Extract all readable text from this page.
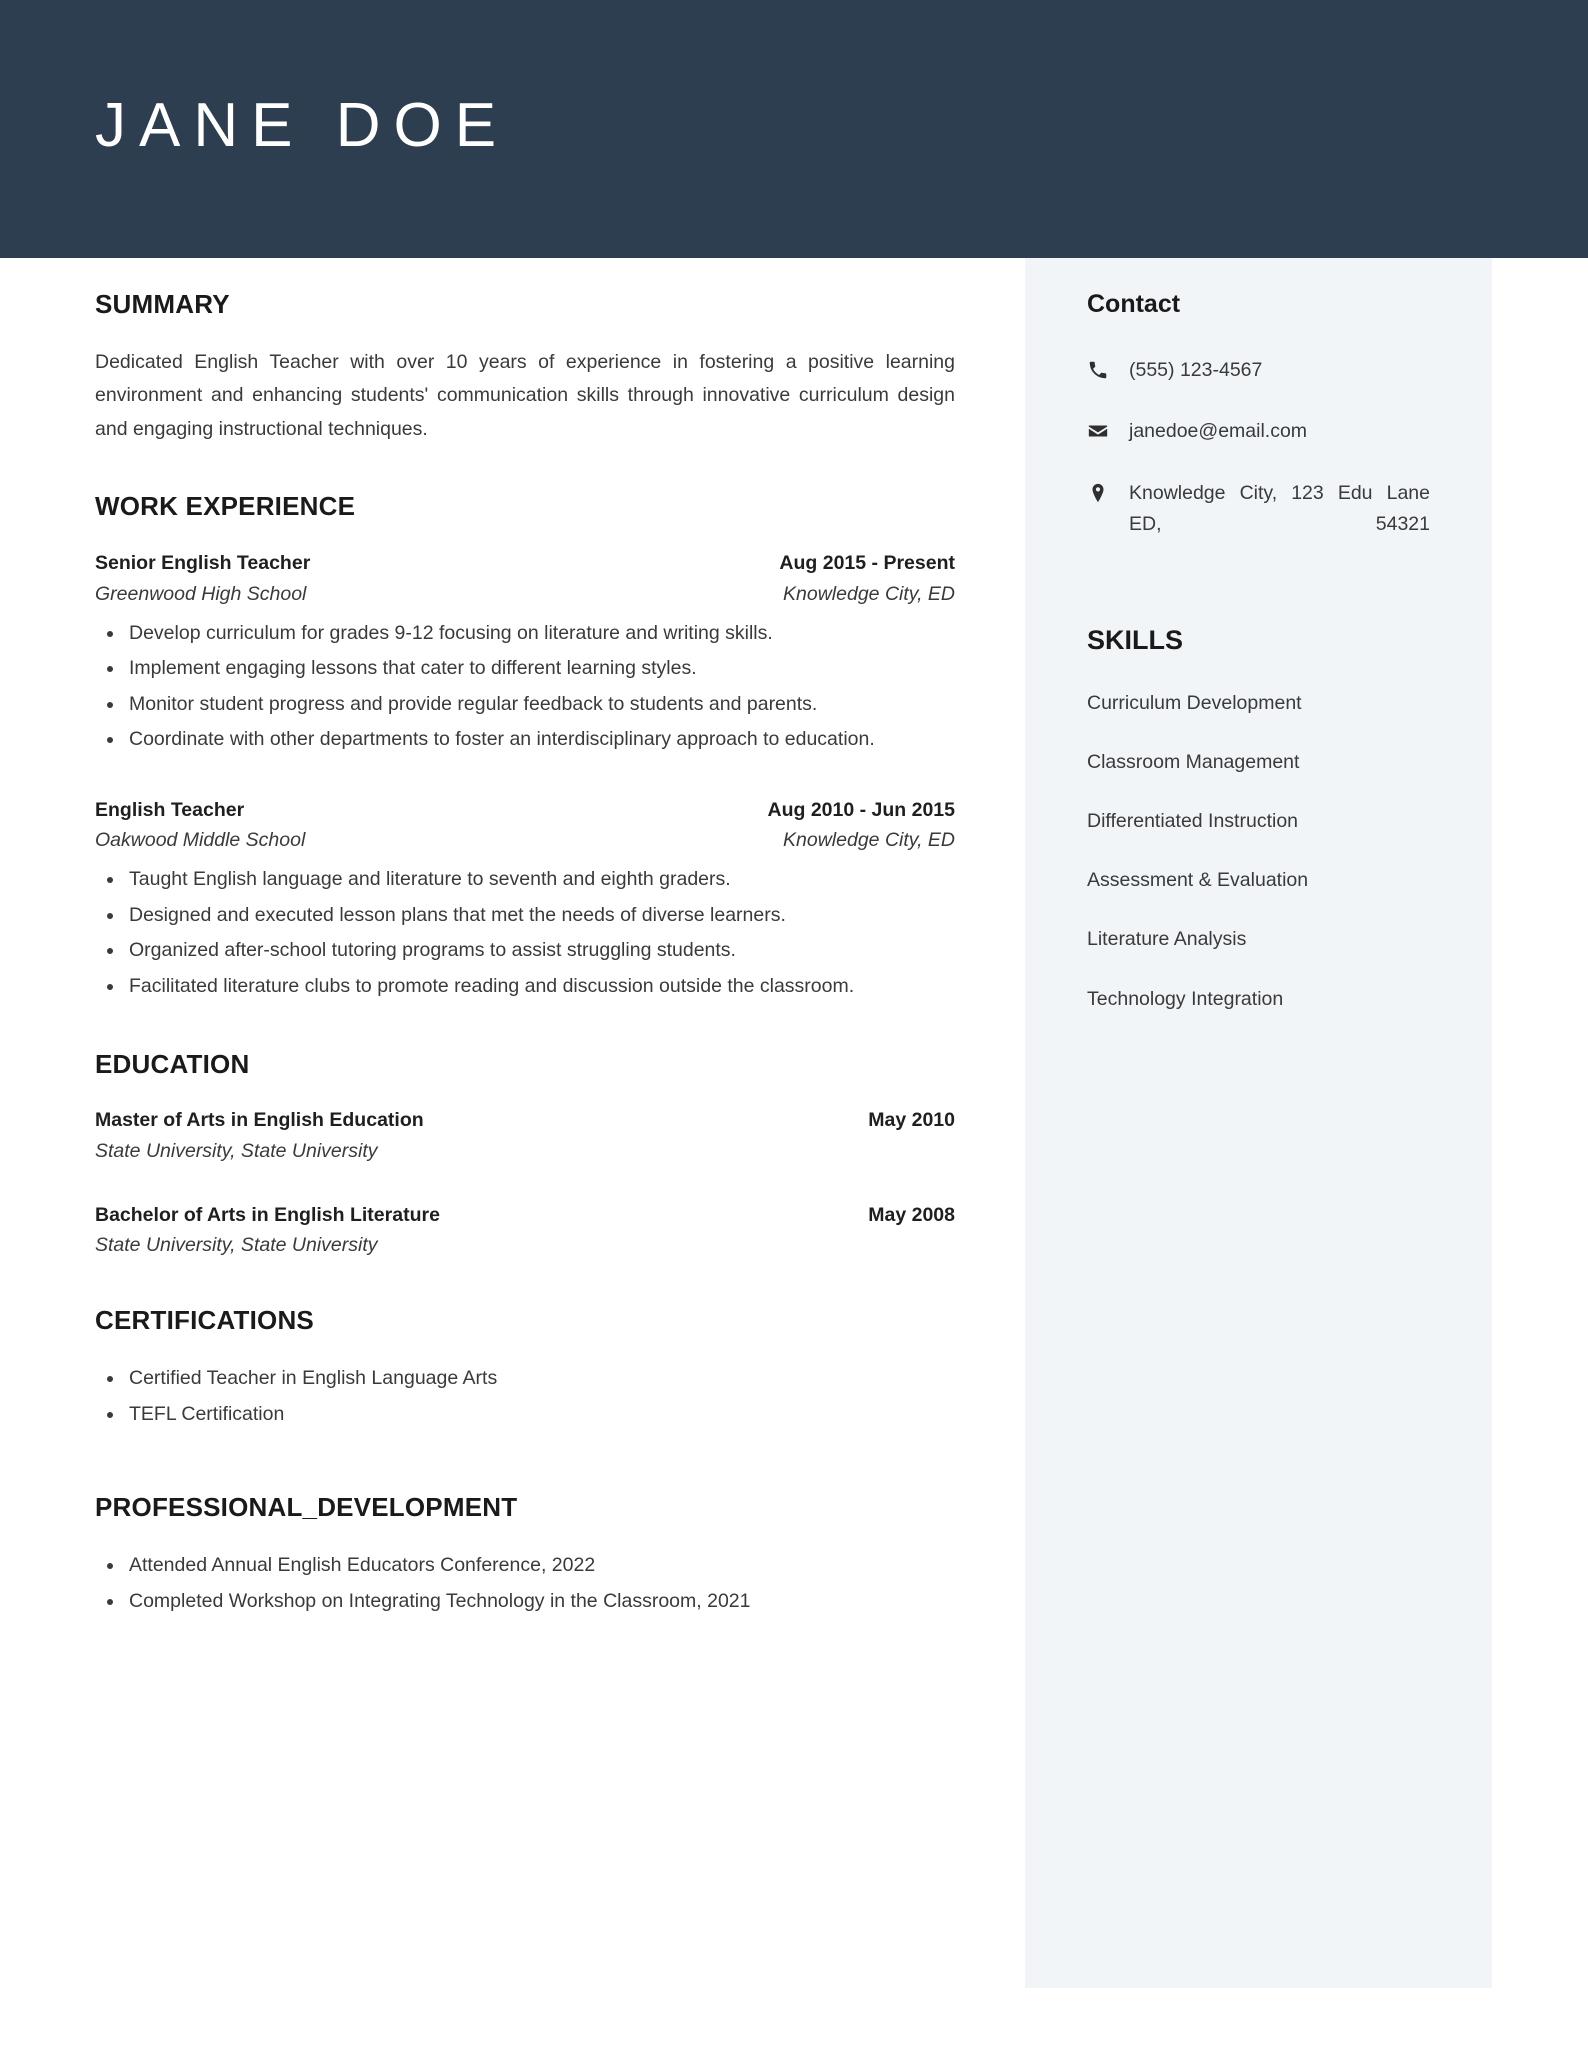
JANE DOE
SUMMARY

Dedicated English Teacher with over 10 years of experience in fostering a positive learning environment and enhancing students' communication skills through innovative curriculum design and engaging instructional techniques.

WORK EXPERIENCE
Senior English Teacher	Aug 2015 - Present
Greenwood High School	Knowledge City, ED
Develop curriculum for grades 9-12 focusing on literature and writing skills.
Implement engaging lessons that cater to different learning styles.
Monitor student progress and provide regular feedback to students and parents.
Coordinate with other departments to foster an interdisciplinary approach to education.
English Teacher	Aug 2010 - Jun 2015
Oakwood Middle School	Knowledge City, ED
Taught English language and literature to seventh and eighth graders.
Designed and executed lesson plans that met the needs of diverse learners.
Organized after-school tutoring programs to assist struggling students.
Facilitated literature clubs to promote reading and discussion outside the classroom.
EDUCATION
Master of Arts in English Education	May 2010
State University, State University
Bachelor of Arts in English Literature	May 2008
State University, State University
CERTIFICATIONS
Certified Teacher in English Language Arts
TEFL Certification
PROFESSIONAL_DEVELOPMENT
Attended Annual English Educators Conference, 2022
Completed Workshop on Integrating Technology in the Classroom, 2021
Contact
(555) 123-4567
janedoe@email.com
Knowledge City, 123 Edu Lane ED, 54321
SKILLS
Curriculum Development
Classroom Management
Differentiated Instruction
Assessment & Evaluation
Literature Analysis
Technology Integration
